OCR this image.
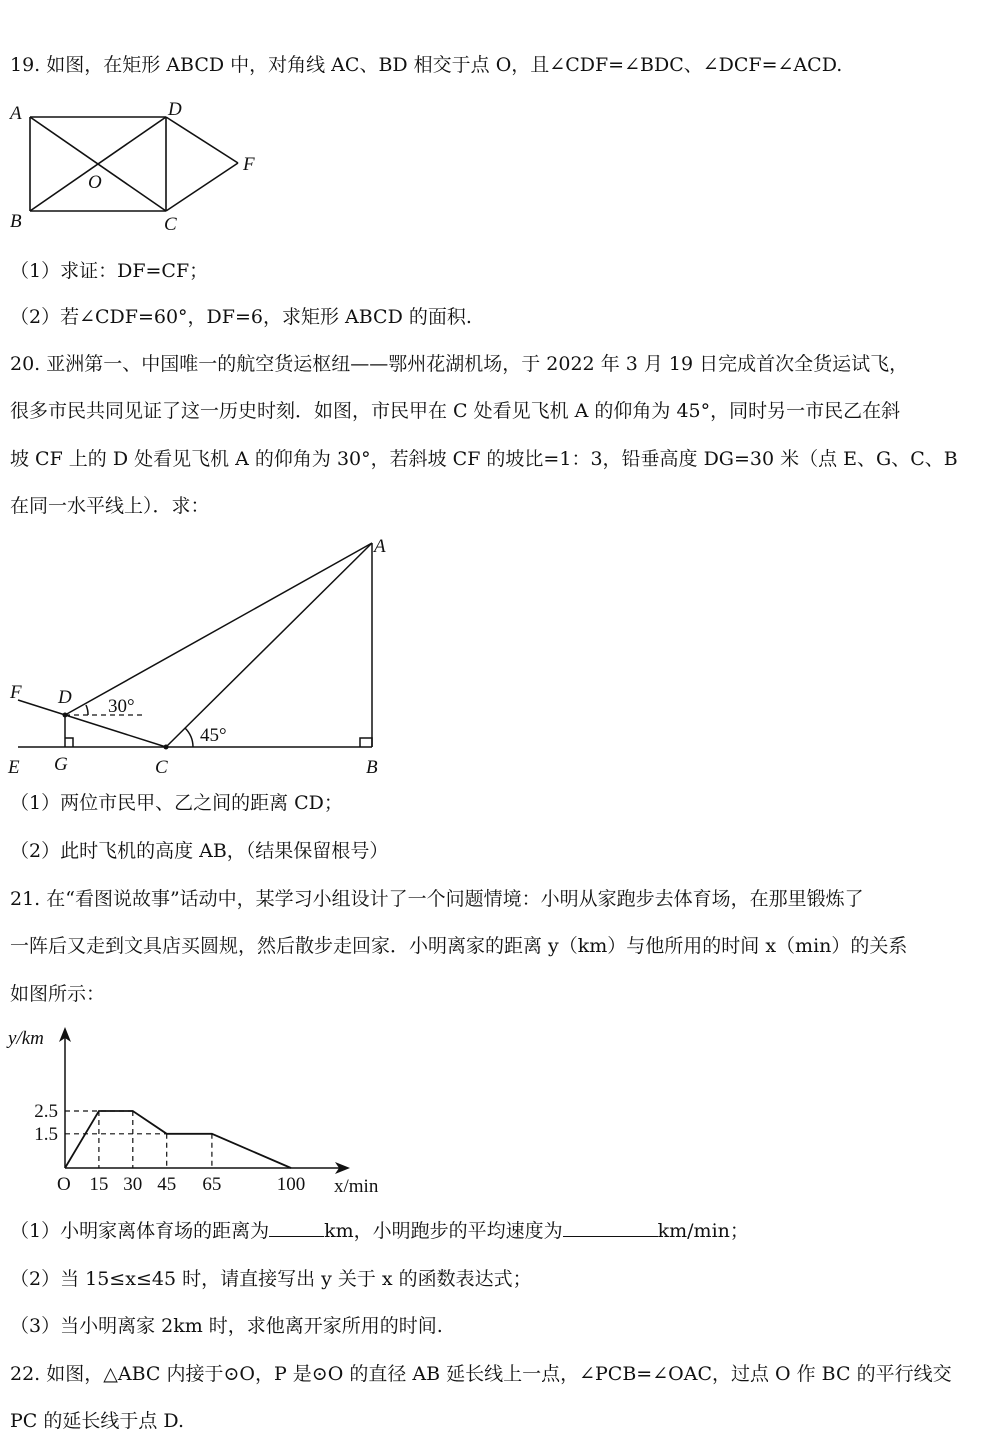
19. 如图，在矩形 ABCD 中，对角线 AC、BD 相交于点 O，且∠CDF=∠BDC、∠DCF=∠ACD.
A	D
O
F
B	C
（1）求证：DF=CF；
（2）若∠CDF=60°，DF=6，求矩形 ABCD 的面积.
20. 亚洲第一、中国唯一的航空货运枢纽——鄂州花湖机场，于 2022 年 3 月 19 日完成首次全货运试飞，
很多市民共同见证了这一历史时刻．如图，市民甲在 C 处看见飞机 A 的仰角为 45°，同时另一市民乙在斜
坡 CF 上的 D 处看见飞机 A 的仰角为 30°，若斜坡 CF 的坡比=1：3，铅垂高度 DG=30 米（点 E、G、C、B
在同一水平线上）．求：
A
F D 30°
45°
E G	C	B
（1）两位市民甲、乙之间的距离 CD；
（2）此时飞机的高度 AB，（结果保留根号）
21. 在“看图说故事”话动中，某学习小组设计了一个问题情境：小明从家跑步去体育场，在那里锻炼了
一阵后又走到文具店买圆规，然后散步走回家．小明离家的距离 y（km）与他所用的时间 x（min）的关系
如图所示：
y/km
x/min
O 15 30 45 65	100
2.5
1.5
（1）小明家离体育场的距离为	km，小明跑步的平均速度为	km/min；
（2）当 15≤x≤45 时，请直接写出 y 关于 x 的函数表达式；
（3）当小明离家 2km 时，求他离开家所用的时间.
22. 如图，△ABC 内接于⊙O，P 是⊙O 的直径 AB 延长线上一点，∠PCB=∠OAC，过点 O 作 BC 的平行线交
PC 的延长线于点 D.
